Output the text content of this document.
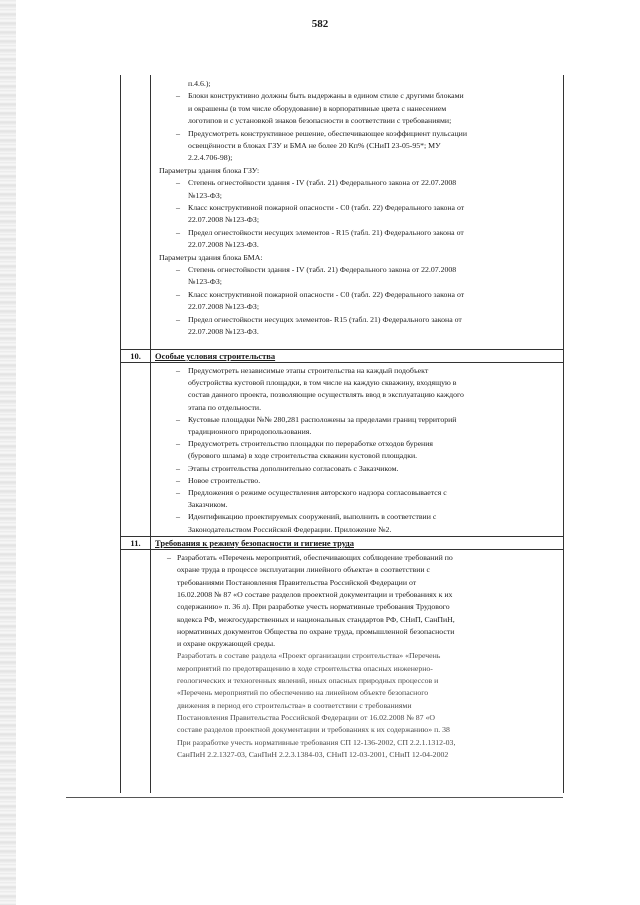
582
п.4.6.);
– Блоки конструктивно должны быть выдержаны в едином стиле с другими блоками
и окрашены (в том числе оборудование) в корпоративные цвета с нанесением
логотипов и с установкой знаков безопасности в соответствии с требованиями;
– Предусмотреть конструктивное решение, обеспечивающее коэффициент пульсации
освещённости в блоках ГЗУ и БМА не более 20 Кп% (СНиП 23-05-95*; МУ
2.2.4.706-98);
Параметры здания блока ГЗУ:
– Степень огнестойкости здания - IV (табл. 21) Федерального закона от 22.07.2008
№123-ФЗ;
– Класс конструктивной пожарной опасности - С0 (табл. 22) Федерального закона от
22.07.2008 №123-ФЗ;
– Предел огнестойкости несущих элементов - R15 (табл. 21) Федерального закона от
22.07.2008 №123-ФЗ.
Параметры здания блока БМА:
– Степень огнестойкости здания - IV (табл. 21) Федерального закона от 22.07.2008
№123-ФЗ;
– Класс конструктивной пожарной опасности - С0 (табл. 22) Федерального закона от
22.07.2008 №123-ФЗ;
– Предел огнестойкости несущих элементов- R15 (табл. 21) Федерального закона от
22.07.2008 №123-ФЗ.
10.	Особые условия строительства
– Предусмотреть независимые этапы строительства на каждый подобъект
обустройства кустовой площадки, в том числе на каждую скважину, входящую в
состав данного проекта, позволяющие осуществлять ввод в эксплуатацию каждого
этапа по отдельности.
– Кустовые площадки №№ 280,281 расположены за пределами границ территорий
традиционного природопользования.
– Предусмотреть строительство площадки по переработке отходов бурения
(бурового шлама) в ходе строительства скважин кустовой площадки.
– Этапы строительства дополнительно согласовать с Заказчиком.
– Новое строительство.
– Предложения о режиме осуществления авторского надзора согласовывается с
Заказчиком.
– Идентификацию проектируемых сооружений, выполнить в соответствии с
Законодательством Российской Федерации. Приложение №2.
11.	Требования к режиму безопасности и гигиене труда
– Разработать «Перечень мероприятий, обеспечивающих соблюдение требований по
охране труда в процессе эксплуатации линейного объекта» в соответствии с
требованиями Постановления Правительства Российской Федерации от
16.02.2008 № 87 «О составе разделов проектной документации и требованиях к их
содержанию» п. 36 л). При разработке учесть нормативные требования Трудового
кодекса РФ, межгосударственных и национальных стандартов РФ, СНиП, СанПиН,
нормативных документов Общества по охране труда, промышленной безопасности
и охране окружающей среды.
Разработать в составе раздела «Проект организации строительства» «Перечень
мероприятий по предотвращению в ходе строительства опасных инженерно-
геологических и техногенных явлений, иных опасных природных процессов и
«Перечень мероприятий по обеспечению на линейном объекте безопасного
движения в период его строительства» в соответствии с требованиями
Постановления Правительства Российской Федерации от 16.02.2008 № 87 «О
составе разделов проектной документации и требованиях к их содержанию» п. 38
При разработке учесть нормативные требования СП 12-136-2002, СП 2.2.1.1312-03,
СанПиН 2.2.1327-03, СанПиН 2.2.3.1384-03, СНиП 12-03-2001, СНиП 12-04-2002
